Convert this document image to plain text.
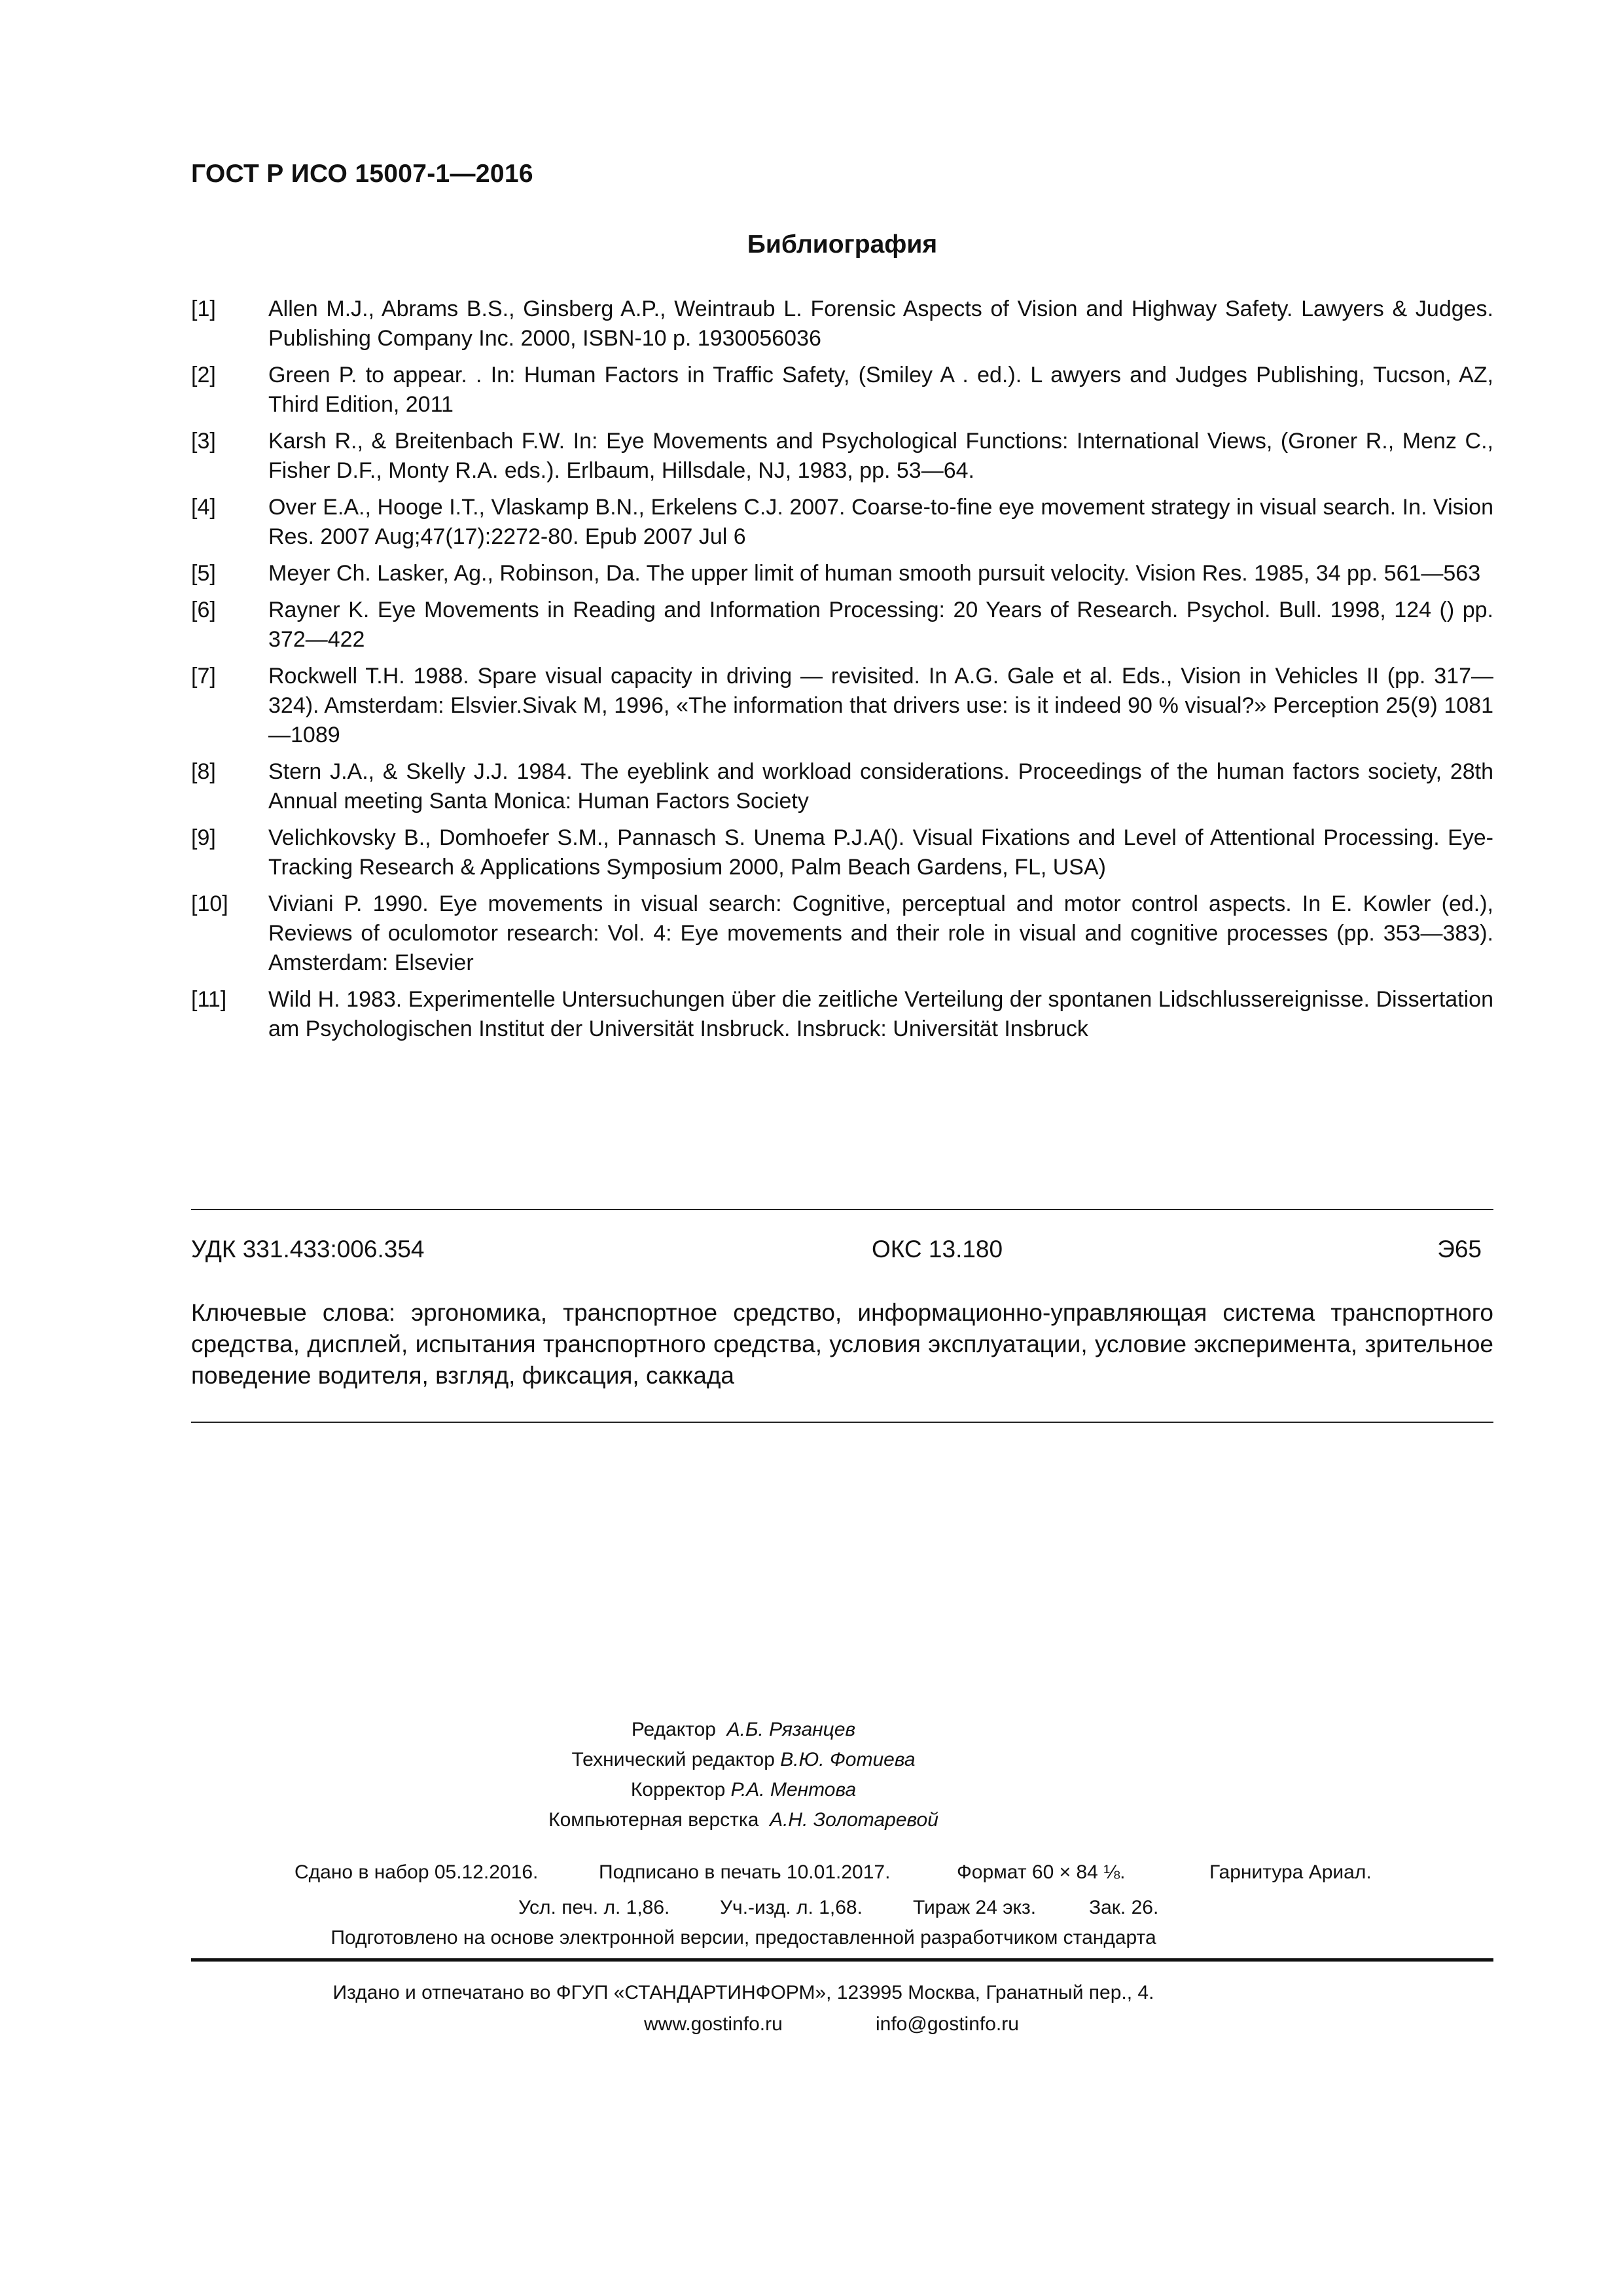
ГОСТ Р ИСО 15007-1—2016
Библиография
[1]	Allen M.J., Abrams B.S., Ginsberg A.P., Weintraub L. Forensic Aspects of Vision and Highway Safety. Lawyers & Judges. Publishing Company Inc. 2000, ISBN-10 p. 1930056036
[2]	Green P. to appear. . In: Human Factors in Traffic Safety, (Smiley A . ed.). L awyers and Judges Publishing, Tucson, AZ, Third Edition, 2011
[3]	Karsh R., & Breitenbach F.W. In: Eye Movements and Psychological Functions: International Views, (Groner R., Menz C., Fisher D.F., Monty R.A. eds.). Erlbaum, Hillsdale, NJ, 1983, pp. 53—64.
[4]	Over E.A., Hooge I.T., Vlaskamp B.N., Erkelens C.J. 2007. Coarse-to-fine eye movement strategy in visual search. In. Vision Res. 2007 Aug;47(17):2272-80. Epub 2007 Jul 6
[5]	Meyer Ch. Lasker, Ag., Robinson, Da. The upper limit of human smooth pursuit velocity. Vision Res. 1985, 34 pp. 561—563
[6]	Rayner K. Eye Movements in Reading and Information Processing: 20 Years of Research. Psychol. Bull. 1998, 124 () pp. 372—422
[7]	Rockwell T.H. 1988. Spare visual capacity in driving — revisited. In A.G. Gale et al. Eds., Vision in Vehicles II (pp. 317—324). Amsterdam: Elsvier.Sivak M, 1996, «The information that drivers use: is it indeed 90 % visual?» Perception 25(9) 1081—1089
[8]	Stern J.A., & Skelly J.J. 1984. The eyeblink and workload considerations. Proceedings of the human factors society, 28th Annual meeting Santa Monica: Human Factors Society
[9]	Velichkovsky B., Domhoefer S.M., Pannasch S. Unema P.J.A(). Visual Fixations and Level of Attentional Processing. Eye-Tracking Research & Applications Symposium 2000, Palm Beach Gardens, FL, USA)
[10]	Viviani P. 1990. Eye movements in visual search: Cognitive, perceptual and motor control aspects. In E. Kowler (ed.), Reviews of oculomotor research: Vol. 4: Eye movements and their role in visual and cognitive processes (pp. 353—383). Amsterdam: Elsevier
[11]	Wild H. 1983. Experimentelle Untersuchungen über die zeitliche Verteilung der spontanen Lidschlussereignisse. Dissertation am Psychologischen Institut der Universität Insbruck. Insbruck: Universität Insbruck
УДК 331.433:006.354	ОКС 13.180	Э65
Ключевые слова: эргономика, транспортное средство, информационно-управляющая система транспортного средства, дисплей, испытания транспортного средства, условия эксплуатации, условие эксперимента, зрительное поведение водителя, взгляд, фиксация, саккада
Редактор А.Б. Рязанцев
Технический редактор В.Ю. Фотиева
Корректор Р.А. Ментова
Компьютерная верстка А.Н. Золотаревой
Сдано в набор 05.12.2016.	Подписано в печать 10.01.2017.	Формат 60 × 84 ⅛.	Гарнитура Ариал.
Усл. печ. л. 1,86.	Уч.-изд. л. 1,68.	Тираж 24 экз.	Зак. 26.
Подготовлено на основе электронной версии, предоставленной разработчиком стандарта
Издано и отпечатано во ФГУП «СТАНДАРТИНФОРМ», 123995 Москва, Гранатный пер., 4.
www.gostinfo.ru	info@gostinfo.ru
